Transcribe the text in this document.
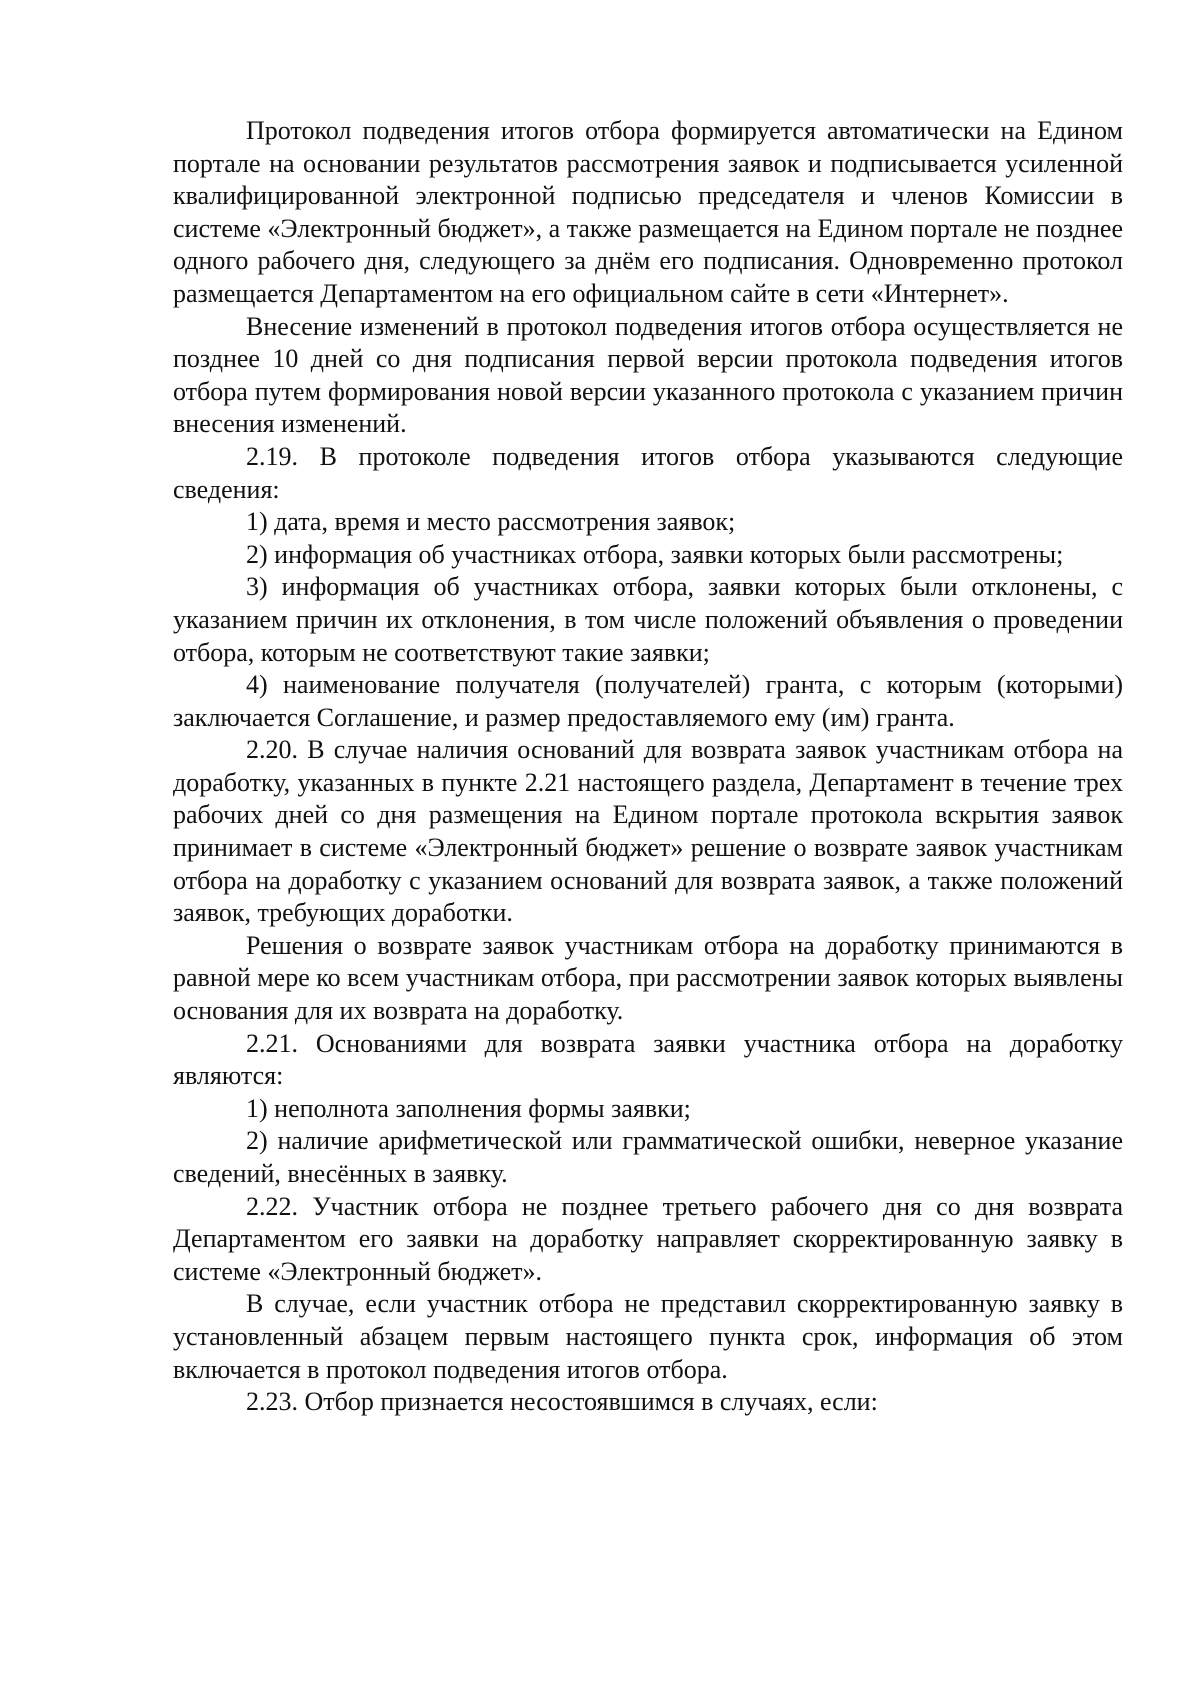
Протокол подведения итогов отбора формируется автоматически на Едином портале на основании результатов рассмотрения заявок и подписывается усиленной квалифицированной электронной подписью председателя и членов Комиссии в системе «Электронный бюджет», а также размещается на Едином портале не позднее одного рабочего дня, следующего за днём его подписания. Одновременно протокол размещается Департаментом на его официальном сайте в сети «Интернет».

Внесение изменений в протокол подведения итогов отбора осуществляется не позднее 10 дней со дня подписания первой версии протокола подведения итогов отбора путем формирования новой версии указанного протокола с указанием причин внесения изменений.

2.19. В протоколе подведения итогов отбора указываются следующие сведения:

1) дата, время и место рассмотрения заявок;

2) информация об участниках отбора, заявки которых были рассмотрены;

3) информация об участниках отбора, заявки которых были отклонены, с указанием причин их отклонения, в том числе положений объявления о проведении отбора, которым не соответствуют такие заявки;

4) наименование получателя (получателей) гранта, с которым (которыми) заключается Соглашение, и размер предоставляемого ему (им) гранта.

2.20. В случае наличия оснований для возврата заявок участникам отбора на доработку, указанных в пункте 2.21 настоящего раздела, Департамент в течение трех рабочих дней со дня размещения на Едином портале протокола вскрытия заявок принимает в системе «Электронный бюджет» решение о возврате заявок участникам отбора на доработку с указанием оснований для возврата заявок, а также положений заявок, требующих доработки.

Решения о возврате заявок участникам отбора на доработку принимаются в равной мере ко всем участникам отбора, при рассмотрении заявок которых выявлены основания для их возврата на доработку.

2.21. Основаниями для возврата заявки участника отбора на доработку являются:

1) неполнота заполнения формы заявки;

2) наличие арифметической или грамматической ошибки, неверное указание сведений, внесённых в заявку.

2.22. Участник отбора не позднее третьего рабочего дня со дня возврата Департаментом его заявки на доработку направляет скорректированную заявку в системе «Электронный бюджет».

В случае, если участник отбора не представил скорректированную заявку в установленный абзацем первым настоящего пункта срок, информация об этом включается в протокол подведения итогов отбора.

2.23. Отбор признается несостоявшимся в случаях, если:
